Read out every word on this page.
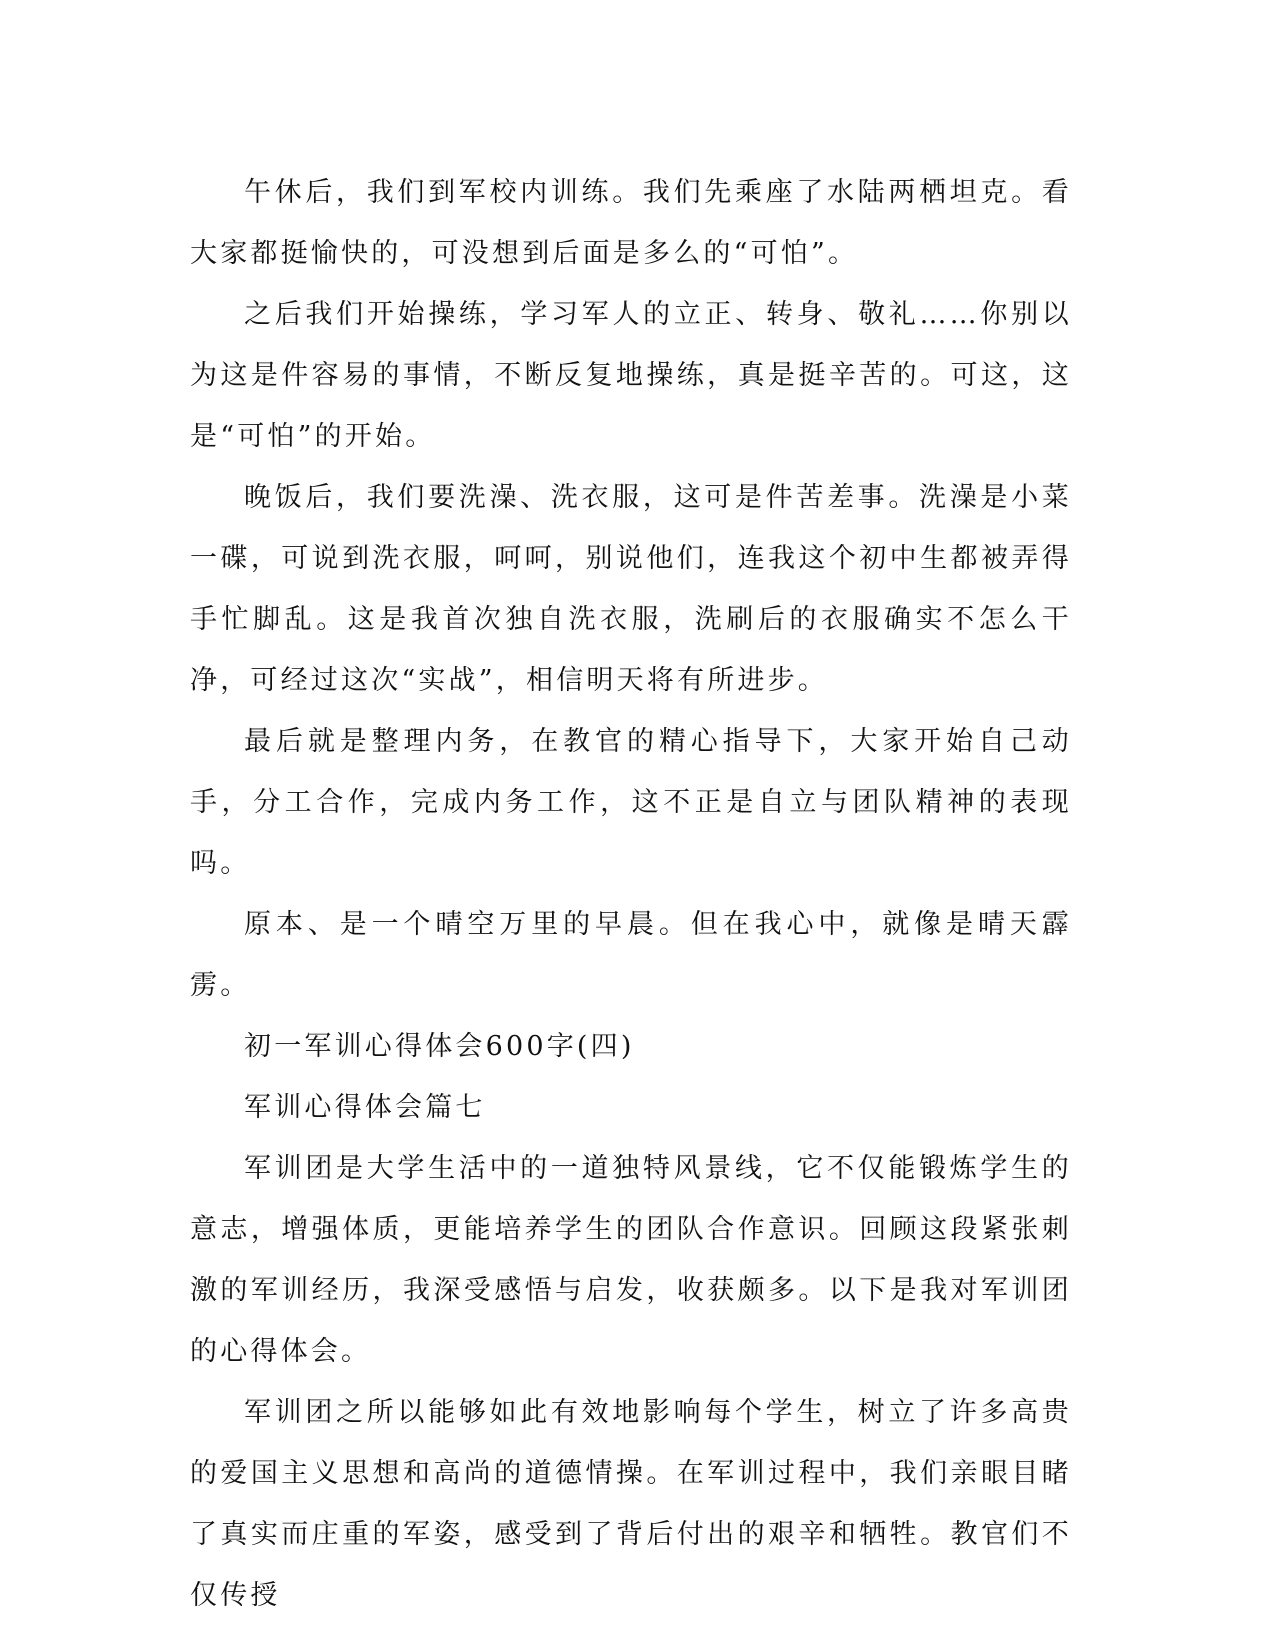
午休后，我们到军校内训练。我们先乘座了水陆两栖坦克。看大家都挺愉快的，可没想到后面是多么的“可怕”。

之后我们开始操练，学习军人的立正、转身、敬礼……你别以为这是件容易的事情，不断反复地操练，真是挺辛苦的。可这，这是“可怕”的开始。

晚饭后，我们要洗澡、洗衣服，这可是件苦差事。洗澡是小菜一碟，可说到洗衣服，呵呵，别说他们，连我这个初中生都被弄得手忙脚乱。这是我首次独自洗衣服，洗刷后的衣服确实不怎么干净，可经过这次“实战”，相信明天将有所进步。

最后就是整理内务，在教官的精心指导下，大家开始自己动手，分工合作，完成内务工作，这不正是自立与团队精神的表现吗。

原本、是一个晴空万里的早晨。但在我心中，就像是晴天霹雳。

初一军训心得体会600字(四)

军训心得体会篇七

军训团是大学生活中的一道独特风景线，它不仅能锻炼学生的意志，增强体质，更能培养学生的团队合作意识。回顾这段紧张刺激的军训经历，我深受感悟与启发，收获颇多。以下是我对军训团的心得体会。

军训团之所以能够如此有效地影响每个学生，树立了许多高贵的爱国主义思想和高尚的道德情操。在军训过程中，我们亲眼目睹了真实而庄重的军姿，感受到了背后付出的艰辛和牺牲。教官们不仅传授
